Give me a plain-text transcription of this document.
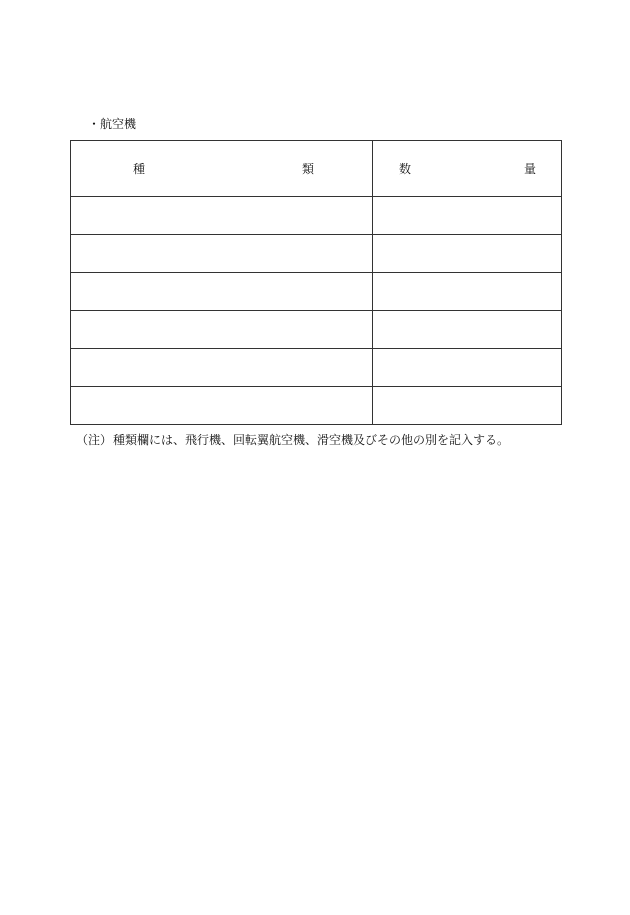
・航空機
種 類	数 量

（注）種類欄には、飛行機、回転翼航空機、滑空機及びその他の別を記入する。
